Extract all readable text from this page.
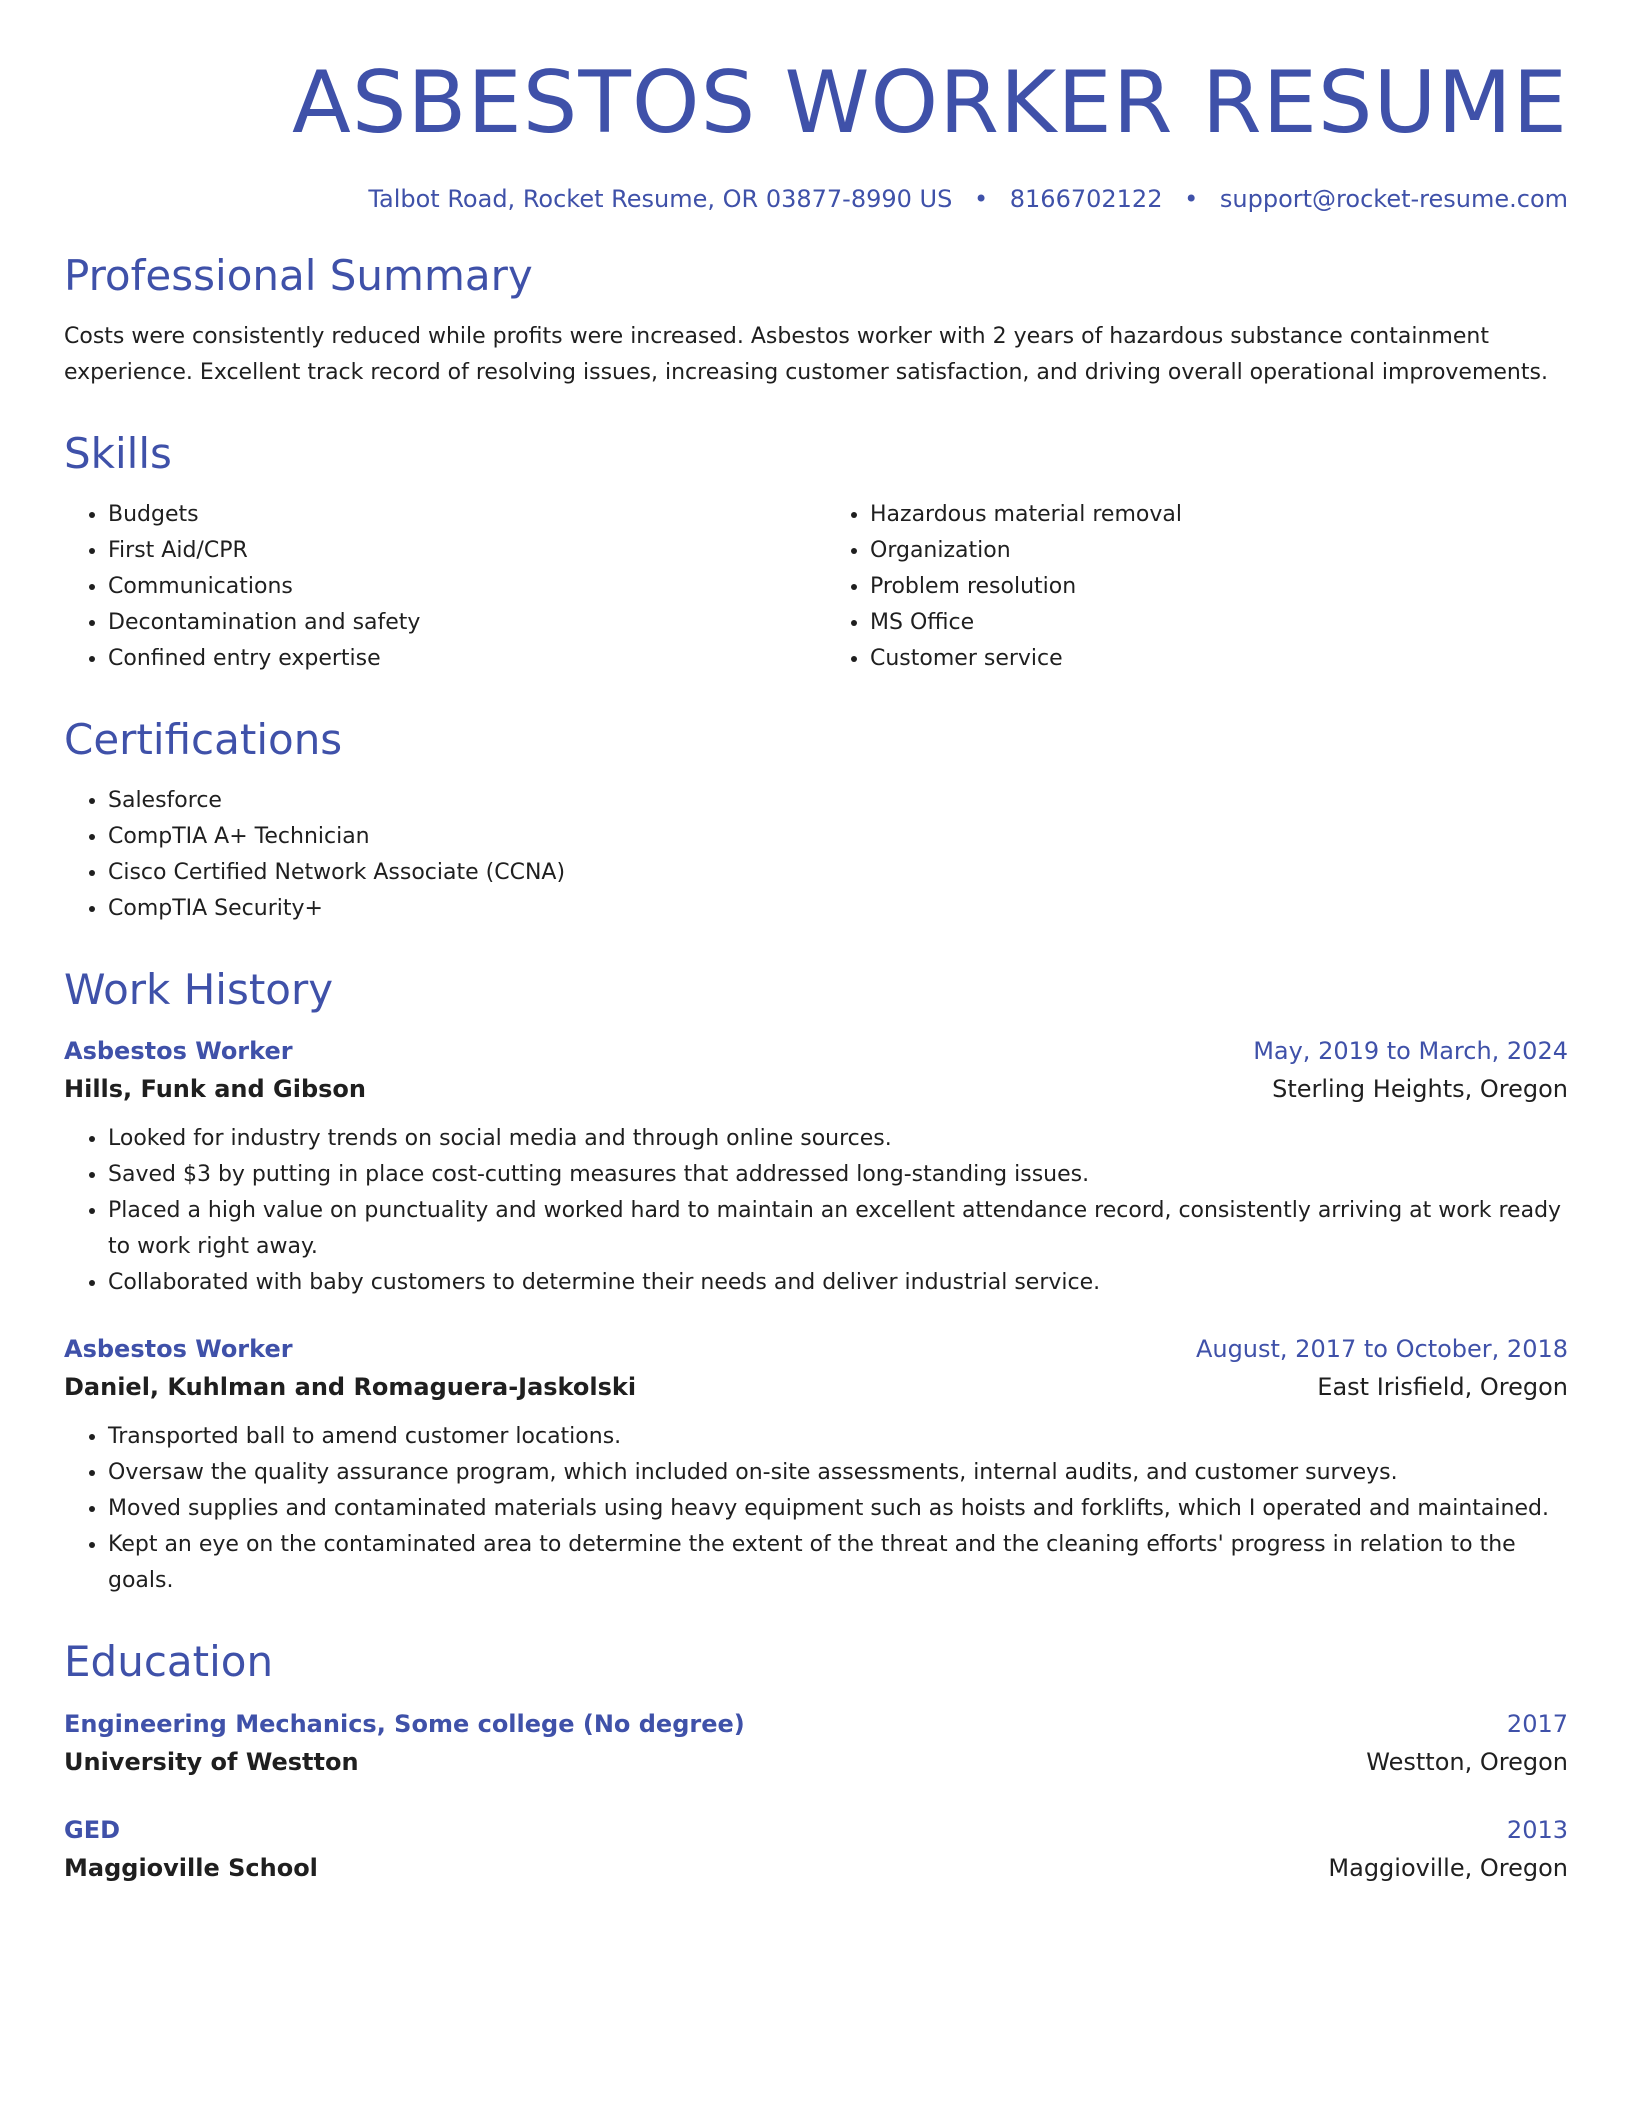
ASBESTOS WORKER RESUME
Talbot Road, Rocket Resume, OR 03877-8990 US • 8166702122 • support@rocket-resume.com
Professional Summary

Costs were consistently reduced while profits were increased. Asbestos worker with 2 years of hazardous substance containment experience. Excellent track record of resolving issues, increasing customer satisfaction, and driving overall operational improvements.

Skills
• Budgets
• First Aid/CPR
• Communications
• Decontamination and safety
• Confined entry expertise
• Hazardous material removal
• Organization
• Problem resolution
• MS Office
• Customer service
Certifications
• Salesforce
• CompTIA A+ Technician
• Cisco Certified Network Associate (CCNA)
• CompTIA Security+
Work History
Asbestos Worker	May, 2019 to March, 2024
Hills, Funk and Gibson	Sterling Heights, Oregon
• Looked for industry trends on social media and through online sources.
• Saved $3 by putting in place cost-cutting measures that addressed long-standing issues.
• Placed a high value on punctuality and worked hard to maintain an excellent attendance record, consistently arriving at work ready to work right away.
• Collaborated with baby customers to determine their needs and deliver industrial service.
Asbestos Worker	August, 2017 to October, 2018
Daniel, Kuhlman and Romaguera-Jaskolski	East Irisfield, Oregon
• Transported ball to amend customer locations.
• Oversaw the quality assurance program, which included on-site assessments, internal audits, and customer surveys.
• Moved supplies and contaminated materials using heavy equipment such as hoists and forklifts, which I operated and maintained.
• Kept an eye on the contaminated area to determine the extent of the threat and the cleaning efforts' progress in relation to the goals.
Education
Engineering Mechanics, Some college (No degree)	2017
University of Westton	Westton, Oregon
GED	2013
Maggioville School	Maggioville, Oregon
